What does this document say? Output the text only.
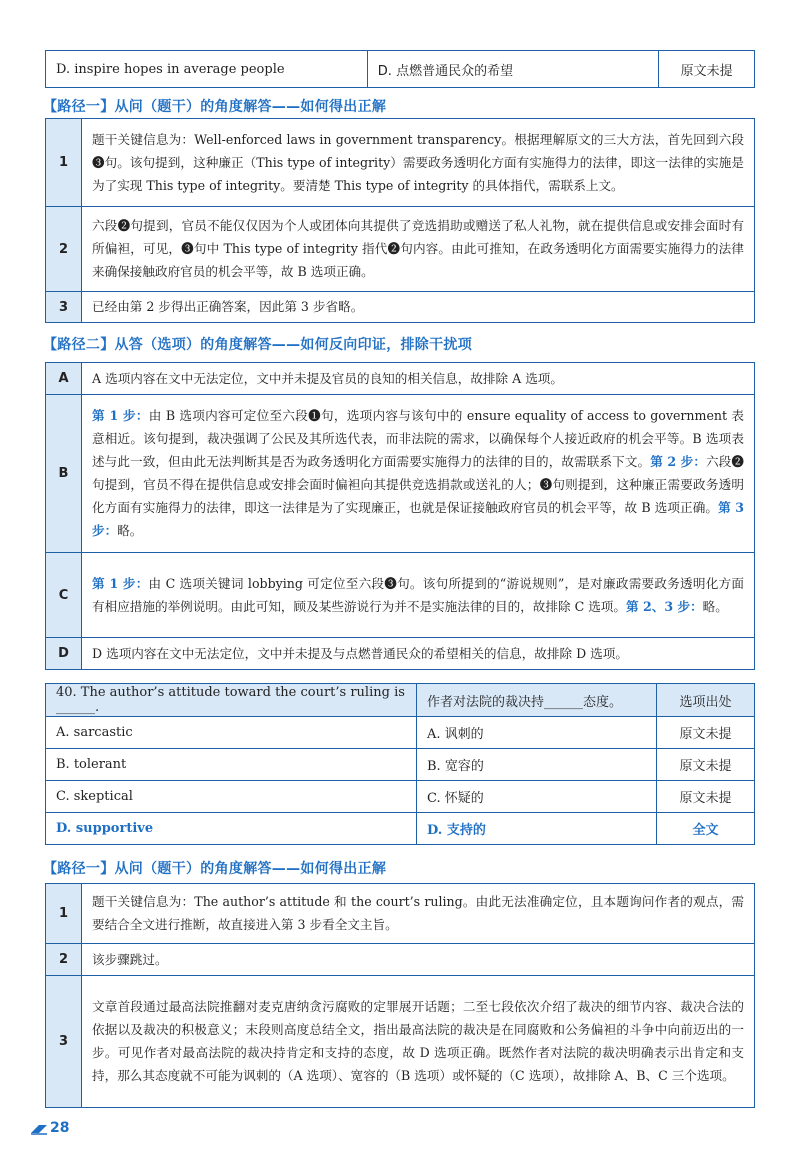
D. inspire hopes in average people	D. 点燃普通民众的希望	原文未提
【路径一】从问（题干）的角度解答——如何得出正解
1	题干关键信息为：Well-enforced laws in government transparency。根据理解原文的三大方法，首先回到六段❸句。该句提到，这种廉正（This type of integrity）需要政务透明化方面有实施得力的法律，即这一法律的实施是为了实现 This type of integrity。要清楚 This type of integrity 的具体指代，需联系上文。
2	六段❷句提到，官员不能仅仅因为个人或团体向其提供了竞选捐助或赠送了私人礼物，就在提供信息或安排会面时有所偏袒，可见，❸句中 This type of integrity 指代❷句内容。由此可推知，在政务透明化方面需要实施得力的法律来确保接触政府官员的机会平等，故 B 选项正确。
3	已经由第 2 步得出正确答案，因此第 3 步省略。
【路径二】从答（选项）的角度解答——如何反向印证，排除干扰项
A	A 选项内容在文中无法定位，文中并未提及官员的良知的相关信息，故排除 A 选项。
B	第 1 步：由 B 选项内容可定位至六段❶句，选项内容与该句中的 ensure equality of access to government 表意相近。该句提到，裁决强调了公民及其所选代表，而非法院的需求，以确保每个人接近政府的机会平等。B 选项表述与此一致，但由此无法判断其是否为政务透明化方面需要实施得力的法律的目的，故需联系下文。第 2 步：六段❷句提到，官员不得在提供信息或安排会面时偏袒向其提供竞选捐款或送礼的人；❸句则提到，这种廉正需要政务透明化方面有实施得力的法律，即这一法律是为了实现廉正，也就是保证接触政府官员的机会平等，故 B 选项正确。第 3 步：略。
C	第 1 步：由 C 选项关键词 lobbying 可定位至六段❸句。该句所提到的“游说规则”，是对廉政需要政务透明化方面有相应措施的举例说明。由此可知，顾及某些游说行为并不是实施法律的目的，故排除 C 选项。第 2、3 步：略。
D	D 选项内容在文中无法定位，文中并未提及与点燃普通民众的希望相关的信息，故排除 D 选项。
40. The author’s attitude toward the court’s ruling is ______.	作者对法院的裁决持______态度。	选项出处
A. sarcastic	A. 讽刺的	原文未提
B. tolerant	B. 宽容的	原文未提
C. skeptical	C. 怀疑的	原文未提
D. supportive	D. 支持的	全文
【路径一】从问（题干）的角度解答——如何得出正解
1	题干关键信息为：The author’s attitude 和 the court’s ruling。由此无法准确定位，且本题询问作者的观点，需要结合全文进行推断，故直接进入第 3 步看全文主旨。
2	该步骤跳过。
3	文章首段通过最高法院推翻对麦克唐纳贪污腐败的定罪展开话题；二至七段依次介绍了裁决的细节内容、裁决合法的依据以及裁决的积极意义；末段则高度总结全文，指出最高法院的裁决是在同腐败和公务偏袒的斗争中向前迈出的一步。可见作者对最高法院的裁决持肯定和支持的态度，故 D 选项正确。既然作者对法院的裁决明确表示出肯定和支持，那么其态度就不可能为讽刺的（A 选项）、宽容的（B 选项）或怀疑的（C 选项），故排除 A、B、C 三个选项。
28
